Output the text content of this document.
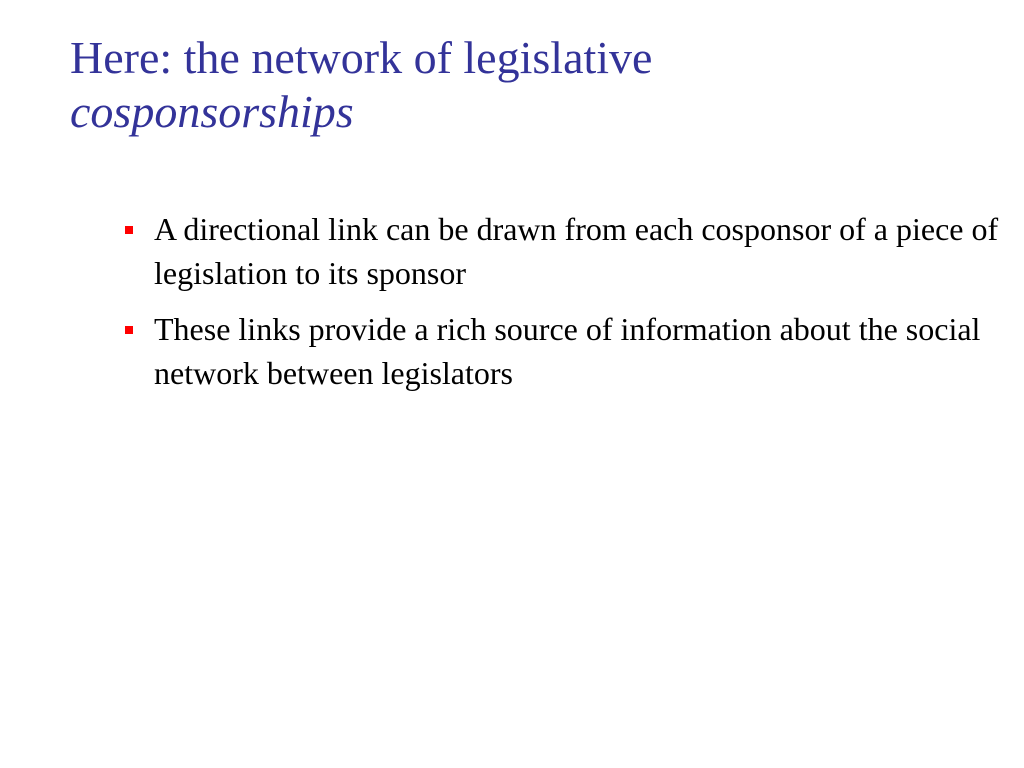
Here: the network of legislative
cosponsorships
A directional link can be drawn from each cosponsor of a piece of legislation to its sponsor
These links provide a rich source of information about the social network between legislators
